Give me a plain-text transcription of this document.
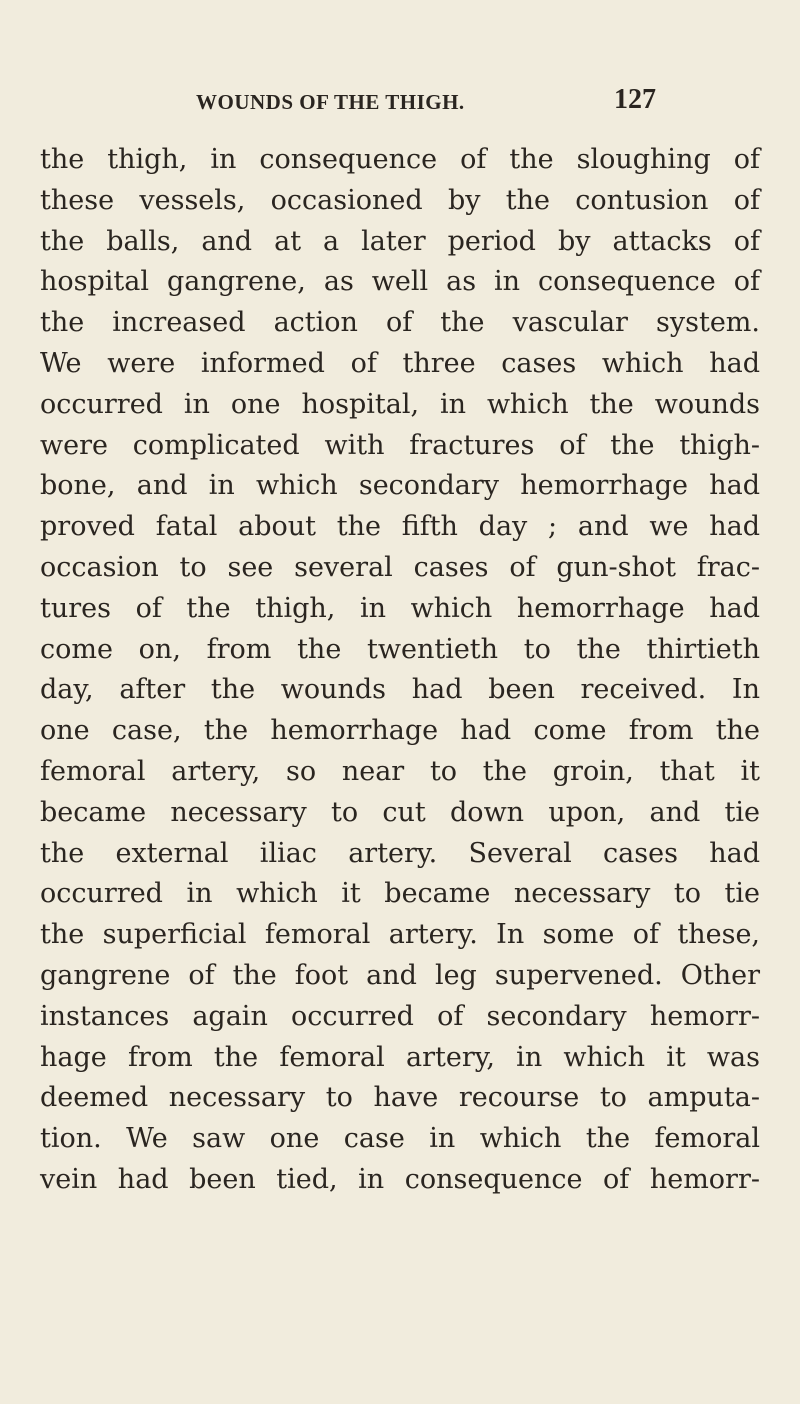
WOUNDS OF THE THIGH.	127
the thigh, in consequence of the sloughing of
these vessels, occasioned by the contusion of
the balls, and at a later period by attacks of
hospital gangrene, as well as in consequence of
the increased action of the vascular system.
We were informed of three cases which had
occurred in one hospital, in which the wounds
were complicated with fractures of the thigh-
bone, and in which secondary hemorrhage had
proved fatal about the fifth day ; and we had
occasion to see several cases of gun-shot frac-
tures of the thigh, in which hemorrhage had
come on, from the twentieth to the thirtieth
day, after the wounds had been received. In
one case, the hemorrhage had come from the
femoral artery, so near to the groin, that it
became necessary to cut down upon, and tie
the external iliac artery. Several cases had
occurred in which it became necessary to tie
the superficial femoral artery. In some of these,
gangrene of the foot and leg supervened. Other
instances again occurred of secondary hemorr-
hage from the femoral artery, in which it was
deemed necessary to have recourse to amputa-
tion. We saw one case in which the femoral
vein had been tied, in consequence of hemorr-
